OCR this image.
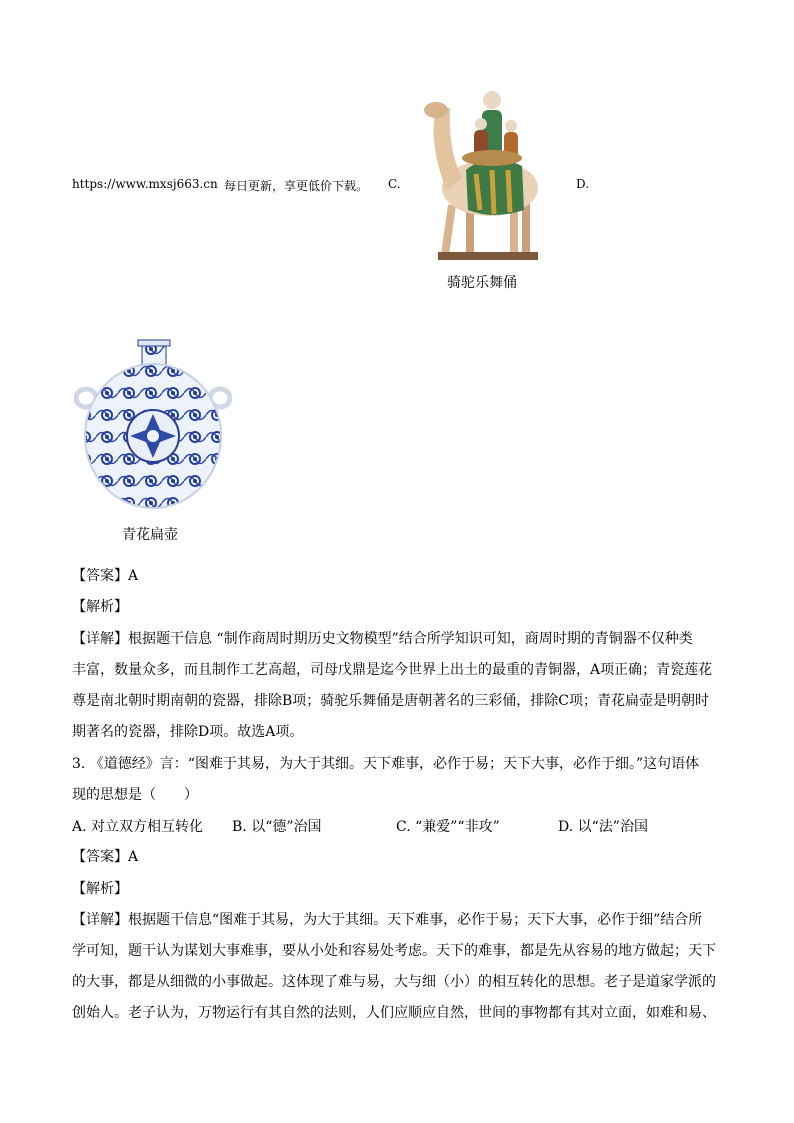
https://www.mxsj663.cn 每日更新，享更低价下载。 C.	D.
骑驼乐舞俑
青花扁壶
【答案】A
【解析】
【详解】根据题干信息 “制作商周时期历史文物模型”结合所学知识可知，商周时期的青铜器不仅种类
丰富，数量众多，而且制作工艺高超，司母戊鼎是迄今世界上出土的最重的青铜器，A项正确；青瓷莲花
尊是南北朝时期南朝的瓷器，排除B项；骑驼乐舞俑是唐朝著名的三彩俑，排除C项；青花扁壶是明朝时
期著名的瓷器，排除D项。故选A项。
3. 《道德经》言：“图难于其易，为大于其细。天下难事，必作于易；天下大事，必作于细。”这句语体
现的思想是（　　）
A. 对立双方相互转化 B. 以“德”治国	C. “兼爱”“非攻”	D. 以“法”治国
【答案】A
【解析】
【详解】根据题干信息“图难于其易，为大于其细。天下难事，必作于易；天下大事，必作于细”结合所
学可知，题干认为谋划大事难事，要从小处和容易处考虑。天下的难事，都是先从容易的地方做起；天下
的大事，都是从细微的小事做起。这体现了难与易，大与细（小）的相互转化的思想。老子是道家学派的
创始人。老子认为，万物运行有其自然的法则，人们应顺应自然，世间的事物都有其对立面，如难和易、
